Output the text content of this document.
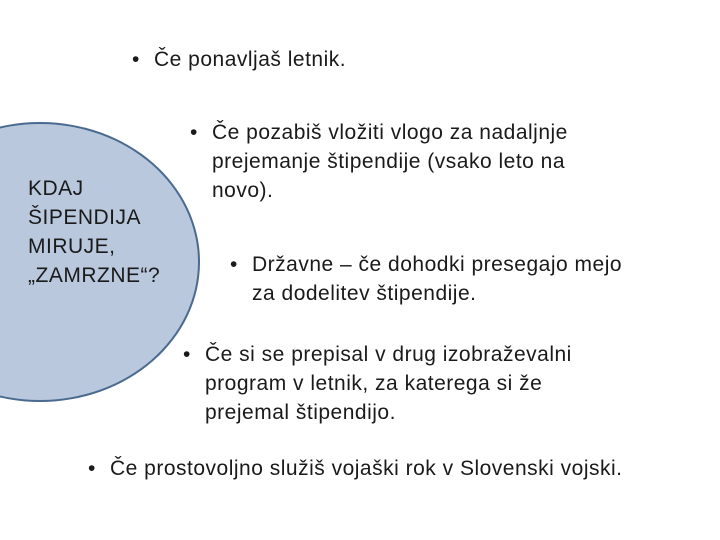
KDAJ
ŠIPENDIJA
MIRUJE,
„ZAMRZNE“?
• Če ponavljaš letnik.
• Če pozabiš vložiti vlogo za nadaljnje
prejemanje štipendije (vsako leto na
novo).
• Državne – če dohodki presegajo mejo
za dodelitev štipendije.
• Če si se prepisal v drug izobraževalni
program v letnik, za katerega si že
prejemal štipendijo.
• Če prostovoljno služiš vojaški rok v Slovenski vojski.
